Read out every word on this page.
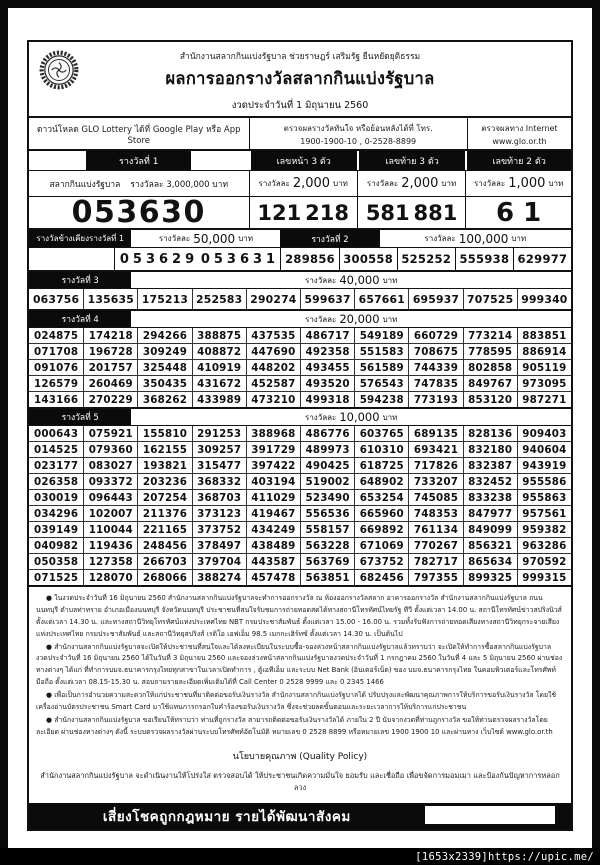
สำนักงานสลากกินแบ่งรัฐบาล ช่วยราษฎร์ เสริมรัฐ ยืนหยัดยุติธรรม
ผลการออกรางวัลสลากกินแบ่งรัฐบาล
งวดประจำวันที่ 1 มิถุนายน 2560
ดาวน์โหลด GLO Lottery ได้ที่ Google Play หรือ App Store
ตรวจผลรางวัลทันใจ หรือย้อนหลังได้ที่ โทร.
1900-1900-10 , 0-2528-8899
ตรวจผลทาง Internet
www.glo.or.th
รางวัลที่ 1	เลขหน้า 3 ตัว	เลขท้าย 3 ตัว	เลขท้าย 2 ตัว
สลากกินแบ่งรัฐบาล รางวัลละ 3,000,000 บาท	รางวัลละ 2,000 บาท รางวัลละ 2,000 บาท รางวัลละ 1,000 บาท
053630	121 218 581 881	61
รางวัลข้างเคียงรางวัลที่ 1	รางวัลละ 50,000 บาท	รางวัลที่ 2	รางวัลละ 100,000 บาท
053629 053631 289856 300558 525252 555938 629977
รางวัลที่ 3	รางวัลละ 40,000 บาท
063756 135635 175213 252583 290274 599637 657661 695937 707525 999340
รางวัลที่ 4	รางวัลละ 20,000 บาท
024875	174218 294266 388875 437535 486717 549189 660729 773214 883851
071708	196728 309249 408872 447690 492358 551583 708675 778595 886914
091076	201757 325448 410919 448202 493455 561589 744339 802858 905119
126579	260469 350435 431672 452587 493520 576543 747835 849767 973095
143166	270229 368262 433989 473210 499318 594238 773193 853120 987271
รางวัลที่ 5	รางวัลละ 10,000 บาท
000643	075921 155810 291253 388968 486776 603765 689135 828136 909403
014525	079360 162155 309257 391729 489973 610310 693421 832180 940604
023177	083027 193821 315477 397422 490425 618725 717826 832387 943919
026358	093372 203236 368332 403194 519002 648902 733207 832452 955586
030019	096443 207254 368703 411029 523490 653254 745085 833238 955863
034296	102007 211376 373123 419467 556536 665960 748353 847977 957561
039149	110044 221165 373752 434249 558157 669892 761134 849099 959382
040982	119436 248456 378497 438489 563228 671069 770267 856321 963286
050358	127358 266703 379704 443587 563769 673752 782717 865634 970592
071525	128070 268066 388274 457478 563851 682456 797355 899325 999315
● ในงวดประจำวันที่ 16 มิถุนายน 2560 สำนักงานสลากกินแบ่งรัฐบาลจะทำการออกรางวัล ณ ห้องออกรางวัลสลาก อาคารออกรางวัล สำนักงานสลากกินแบ่งรัฐบาล ถนนนนทบุรี ตำบลท่าทราย อำเภอเมืองนนทบุรี จังหวัดนนทบุรี ประชาชนที่สนใจรับชมการถ่ายทอดสดได้ทางสถานีโทรทัศน์ไทยรัฐ ทีวี ตั้งแต่เวลา 14.00 น. สถานีโทรทัศน์ข่าวสปริงนิวส์ ตั้งแต่เวลา 14.30 น. และทางสถานีวิทยุโทรทัศน์แห่งประเทศไทย NBT กรมประชาสัมพันธ์ ตั้งแต่เวลา 15.00 - 16.00 น. รวมทั้งรับฟังการถ่ายทอดเสียงทางสถานีวิทยุกระจายเสียงแห่งประเทศไทย กรมประชาสัมพันธ์ และสถานีวิทยุสปริงส์ เรดิโอ เอฟเอ็ม 98.5 เมกกะเฮิร์ทซ์ ตั้งแต่เวลา 14.30 น. เป็นต้นไป
● สำนักงานสลากกินแบ่งรัฐบาลจะเปิดให้ประชาชนที่สนใจและได้ลงทะเบียนในระบบซื้อ-จองล่วงหน้าสลากกินแบ่งรัฐบาลแล้วทราบว่า จะเปิดให้ทำการซื้อสลากกินแบ่งรัฐบาล งวดประจำวันที่ 16 มิถุนายน 2560 ได้ในวันที่ 3 มิถุนายน 2560 และจองล่วงหน้าสลากกินแบ่งรัฐบาลงวดประจำวันที่ 1 กรกฎาคม 2560 ในวันที่ 4 และ 5 มิถุนายน 2560 ผ่านช่องทางต่างๆ ได้แก่ ที่ทำการบมจ.ธนาคารกรุงไทยทุกสาขาในเวลาเปิดทำการ , ตู้เอทีเอ็ม และระบบ Net Bank (อินเตอร์เน็ต) ของ บมจ.ธนาคารกรุงไทย ในคอมพิวเตอร์และโทรศัพท์มือถือ ตั้งแต่เวลา 08.15-15.30 น. สอบถามรายละเอียดเพิ่มเติมได้ที่ Call Center 0 2528 9999 และ 0 2345 1466
● เพื่อเป็นการอำนวยความสะดวกให้แก่ประชาชนที่มาติดต่อขอรับเงินรางวัล สำนักงานสลากกินแบ่งรัฐบาลได้ ปรับปรุงและพัฒนาคุณภาพการให้บริการขอรับเงินรางวัล โดยใช้เครื่องอ่านบัตรประชาชน Smart Card มาใช้แทนการกรอกใบคำร้องขอรับเงินรางวัล ซึ่งจะช่วยลดขั้นตอนและระยะเวลาการให้บริการแก่ประชาชน
● สำนักงานสลากกินแบ่งรัฐบาล ขอเรียนให้ทราบว่า ท่านที่ถูกรางวัล สามารถติดต่อขอรับเงินรางวัลได้ ภายใน 2 ปี นับจากงวดที่ท่านถูกรางวัล ขอให้ท่านตรวจผลรางวัลโดยละเอียด ผ่านช่องทางต่างๆ ดังนี้ ระบบตรวจผลรางวัลผ่านระบบโทรศัพท์อัตโนมัติ หมายเลข 0 2528 8899 หรือหมายเลข 1900 1900 10 และผ่านทาง เว็บไซต์ www.glo.or.th
นโยบายคุณภาพ (Quality Policy)
สำนักงานสลากกินแบ่งรัฐบาล จะดำเนินงานให้โปร่งใส ตรวจสอบได้ ให้ประชาชนเกิดความมั่นใจ ยอมรับ และเชื่อถือ เพื่อขจัดการมอมเมา และป้องกันปัญหาการหลอกลวง
เสี่ยงโชคถูกกฎหมาย รายได้พัฒนาสังคม
[1653x2339]https://upic.me/
